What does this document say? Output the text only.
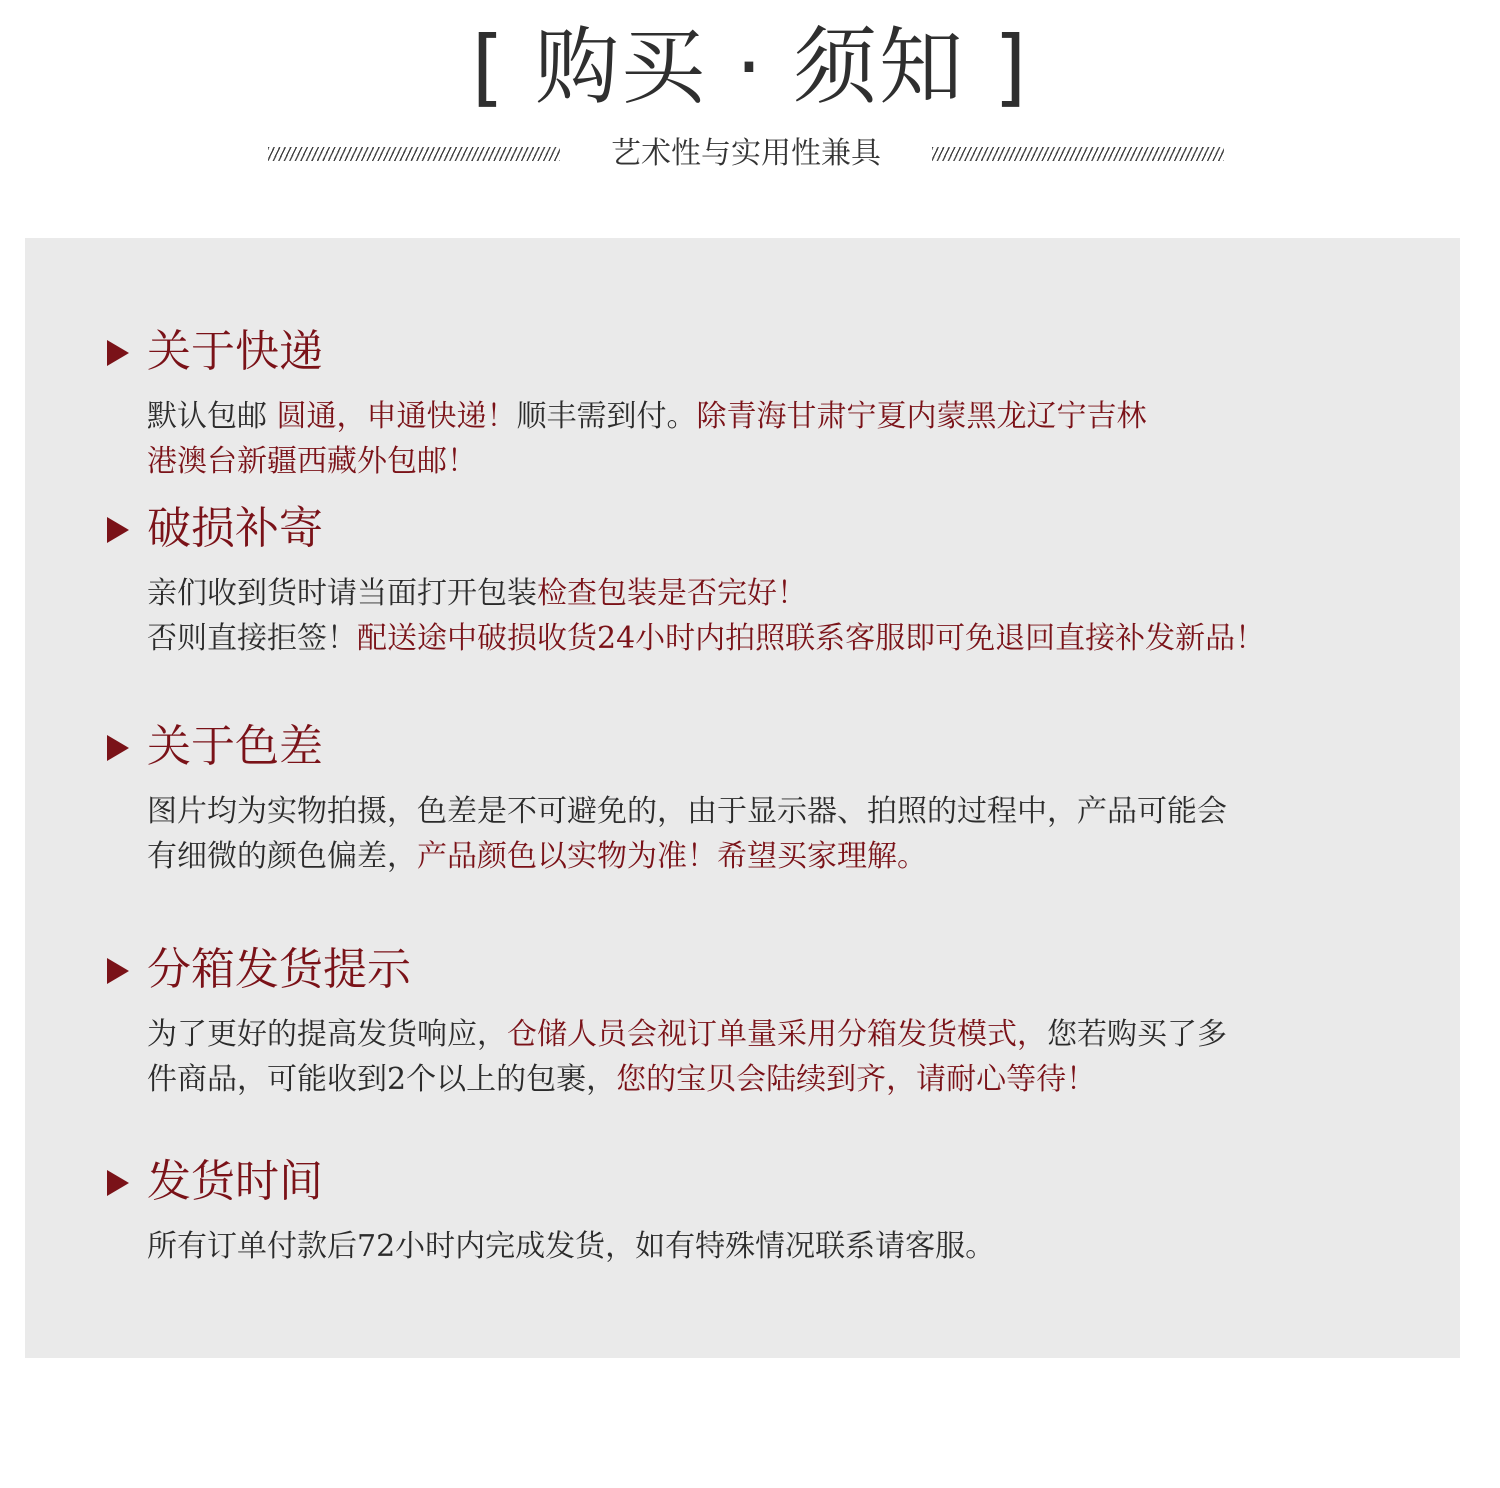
[ 购买 · 须知 ]
艺术性与实用性兼具
关于快递
默认包邮 圆通，申通快递！顺丰需到付。除青海甘肃宁夏内蒙黑龙辽宁吉林
港澳台新疆西藏外包邮！
破损补寄
亲们收到货时请当面打开包装检查包装是否完好！
否则直接拒签！配送途中破损收货24小时内拍照联系客服即可免退回直接补发新品！
关于色差
图片均为实物拍摄，色差是不可避免的，由于显示器、拍照的过程中，产品可能会
有细微的颜色偏差，产品颜色以实物为准！希望买家理解。
分箱发货提示
为了更好的提高发货响应，仓储人员会视订单量采用分箱发货模式，您若购买了多
件商品，可能收到2个以上的包裹，您的宝贝会陆续到齐，请耐心等待！
发货时间
所有订单付款后72小时内完成发货，如有特殊情况联系请客服。
